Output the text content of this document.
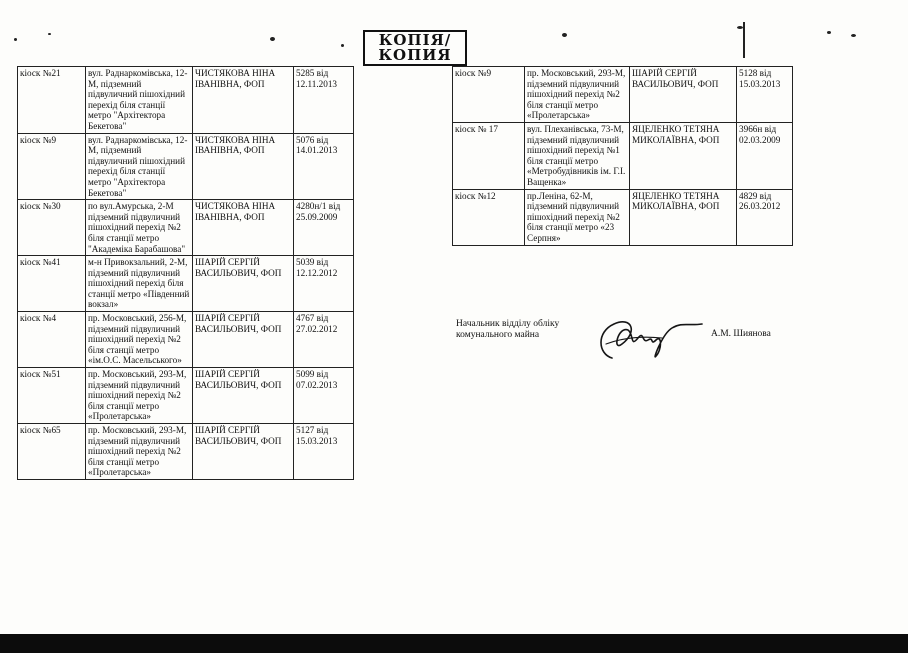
КОПІЯ/
КОПИЯ
кіоск №21	вул. Раднаркомівська, 12-М, підземний підвуличний пішохідний перехід біля станції метро "Архітектора Бекетова"	ЧИСТЯКОВА НІНА ІВАНІВНА, ФОП	5285 від 12.11.2013
кіоск №9	вул. Раднаркомівська, 12-М, підземний підвуличний пішохідний перехід біля станції метро "Архітектора Бекетова"	ЧИСТЯКОВА НІНА ІВАНІВНА, ФОП	5076 від 14.01.2013
кіоск №30	по вул.Амурська, 2-М підземний підвуличний пішохідний перехід №2 біля станції метро "Академіка Барабашова"	ЧИСТЯКОВА НІНА ІВАНІВНА, ФОП	4280н/1 від 25.09.2009
кіоск №41	м-н Привокзальний, 2-М, підземний підвуличний пішохідний перехід біля станції метро «Південний вокзал»	ШАРІЙ СЕРГІЙ ВАСИЛЬОВИЧ, ФОП	5039 від 12.12.2012
кіоск №4	пр. Московський, 256-М, підземний підвуличний пішохідний перехід №2 біля станції метро «ім.О.С. Масельського»	ШАРІЙ СЕРГІЙ ВАСИЛЬОВИЧ, ФОП	4767 від 27.02.2012
кіоск №51	пр. Московський, 293-М, підземний підвуличний пішохідний перехід №2 біля станції метро «Пролетарська»	ШАРІЙ СЕРГІЙ ВАСИЛЬОВИЧ, ФОП	5099 від 07.02.2013
кіоск №65	пр. Московський, 293-М, підземний підвуличний пішохідний перехід №2 біля станції метро «Пролетарська»	ШАРІЙ СЕРГІЙ ВАСИЛЬОВИЧ, ФОП	5127 від 15.03.2013
кіоск №9	пр. Московський, 293-М, підземний підвуличний пішохідний перехід №2 біля станції метро «Пролетарська»	ШАРІЙ СЕРГІЙ ВАСИЛЬОВИЧ, ФОП	5128 від 15.03.2013
кіоск № 17	вул. Плеханівська, 73-М, підземний підвуличний пішохідний перехід №1 біля станції метро «Метробудівників ім. Г.І. Ващенка»	ЯЦЕЛЕНКО ТЕТЯНА МИКОЛАЇВНА, ФОП	3966н від 02.03.2009
кіоск №12	пр.Леніна, 62-М, підземний підвуличний пішохідний перехід №2 біля станції метро «23 Серпня»	ЯЦЕЛЕНКО ТЕТЯНА МИКОЛАЇВНА, ФОП	4829 від 26.03.2012
Начальник відділу обліку
комунального майна	А.М. Шиянова
